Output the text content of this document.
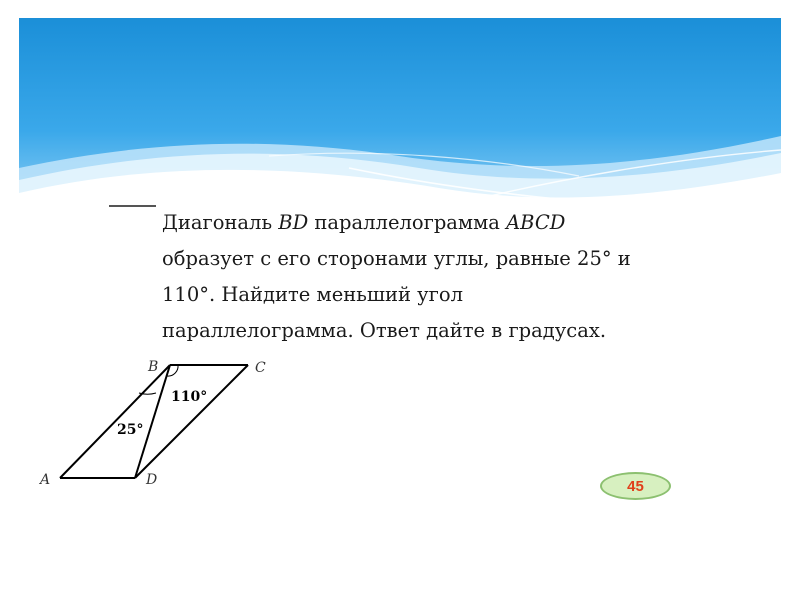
Диагональ BD параллелограмма ABCD
образует с его сторонами углы, равные 25° и
110°. Найдите меньший угол
параллелограмма. Ответ дайте в градусах.

B	C
A	D
110°
25°
45
